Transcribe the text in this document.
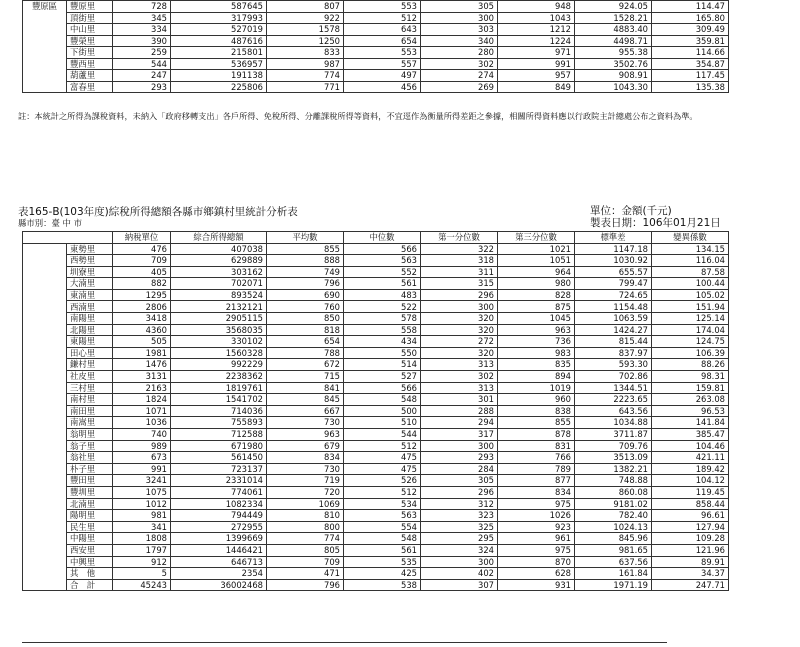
豐原區	豐原里	728	587645	807	553	305	948	924.05	114.47
	頂街里	345	317993	922	512	300	1043	1528.21	165.80
	中山里	334	527019	1578	643	303	1212	4883.40	309.49
	豐榮里	390	487616	1250	654	340	1224	4498.71	359.81
	下街里	259	215801	833	553	280	971	955.38	114.66
	豐西里	544	536957	987	557	302	991	3502.76	354.87
	葫蘆里	247	191138	774	497	274	957	908.91	117.45
	富春里	293	225806	771	456	269	849	1043.30	135.38
註：本統計之所得為課稅資料，未納入「政府移轉支出」各戶所得、免稅所得、分離課稅所得等資料，不宜逕作為衡量所得差距之參據，相關所得資料應以行政院主計總處公布之資料為準。
表165-B(103年度)綜稅所得總額各縣市鄉鎮村里統計分析表
縣市別：臺 中 市
單位：金額(千元)
製表日期：106年01月21日
		納稅單位	綜合所得總額	平均數	中位數	第一分位數	第三分位數	標準差	變異係數
	東勢里	476	407038	855	566	322	1021	1147.18	134.15
	西勢里	709	629889	888	563	318	1051	1030.92	116.04
	圳寮里	405	303162	749	552	311	964	655.57	87.58
	大湳里	882	702071	796	561	315	980	799.47	100.44
	東湳里	1295	893524	690	483	296	828	724.65	105.02
	西湳里	2806	2132121	760	522	300	875	1154.48	151.94
	南陽里	3418	2905115	850	578	320	1045	1063.59	125.14
	北陽里	4360	3568035	818	558	320	963	1424.27	174.04
	東陽里	505	330102	654	434	272	736	815.44	124.75
	田心里	1981	1560328	788	550	320	983	837.97	106.39
	鎌村里	1476	992229	672	514	313	835	593.30	88.26
	社皮里	3131	2238362	715	527	302	894	702.86	98.31
	三村里	2163	1819761	841	566	313	1019	1344.51	159.81
	南村里	1824	1541702	845	548	301	960	2223.65	263.08
	南田里	1071	714036	667	500	288	838	643.56	96.53
	南嵩里	1036	755893	730	510	294	855	1034.88	141.84
	翁明里	740	712588	963	544	317	878	3711.87	385.47
	翁子里	989	671980	679	512	300	831	709.76	104.46
	翁社里	673	561450	834	475	293	766	3513.09	421.11
	朴子里	991	723137	730	475	284	789	1382.21	189.42
	豐田里	3241	2331014	719	526	305	877	748.88	104.12
	豐圳里	1075	774061	720	512	296	834	860.08	119.45
	北湳里	1012	1082334	1069	534	312	975	9181.02	858.44
	陽明里	981	794449	810	563	323	1026	782.40	96.61
	民生里	341	272955	800	554	325	923	1024.13	127.94
	中陽里	1808	1399669	774	548	295	961	845.96	109.28
	西安里	1797	1446421	805	561	324	975	981.65	121.96
	中興里	912	646713	709	535	300	870	637.56	89.91
	其　他	5	2354	471	425	402	628	161.84	34.37
	合　計	45243	36002468	796	538	307	931	1971.19	247.71
